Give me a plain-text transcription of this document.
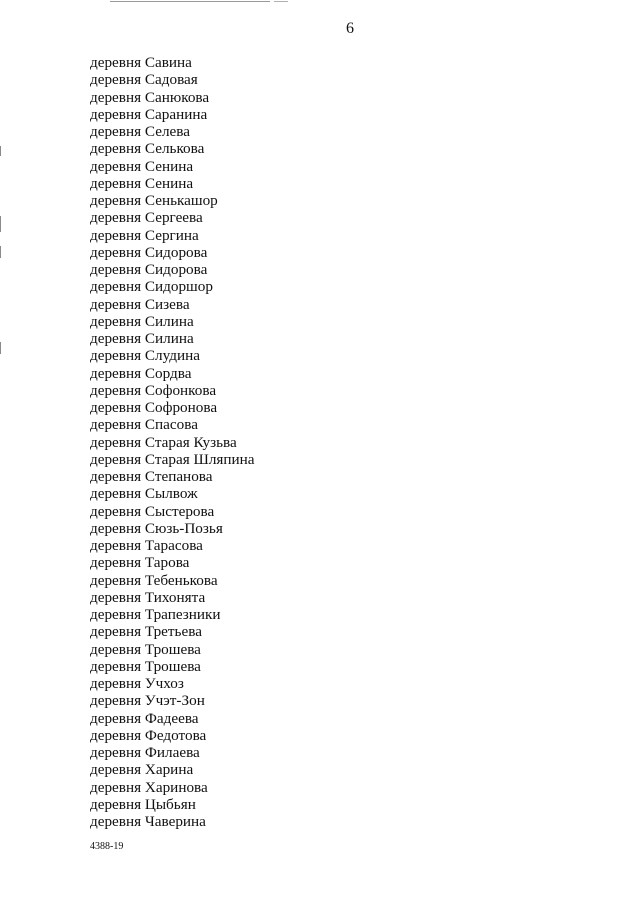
6
деревня Савина
деревня Садовая
деревня Санюкова
деревня Саранина
деревня Селева
деревня Селькова
деревня Сенина
деревня Сенина
деревня Сенькашор
деревня Сергеева
деревня Сергина
деревня Сидорова
деревня Сидорова
деревня Сидоршор
деревня Сизева
деревня Силина
деревня Силина
деревня Слудина
деревня Сордва
деревня Софонкова
деревня Софронова
деревня Спасова
деревня Старая Кузьва
деревня Старая Шляпина
деревня Степанова
деревня Сылвож
деревня Сыстерова
деревня Сюзь-Позья
деревня Тарасова
деревня Тарова
деревня Тебенькова
деревня Тихонята
деревня Трапезники
деревня Третьева
деревня Трошева
деревня Трошева
деревня Учхоз
деревня Учэт-Зон
деревня Фадеева
деревня Федотова
деревня Филаева
деревня Харина
деревня Харинова
деревня Цыбьян
деревня Чаверина
4388-19
